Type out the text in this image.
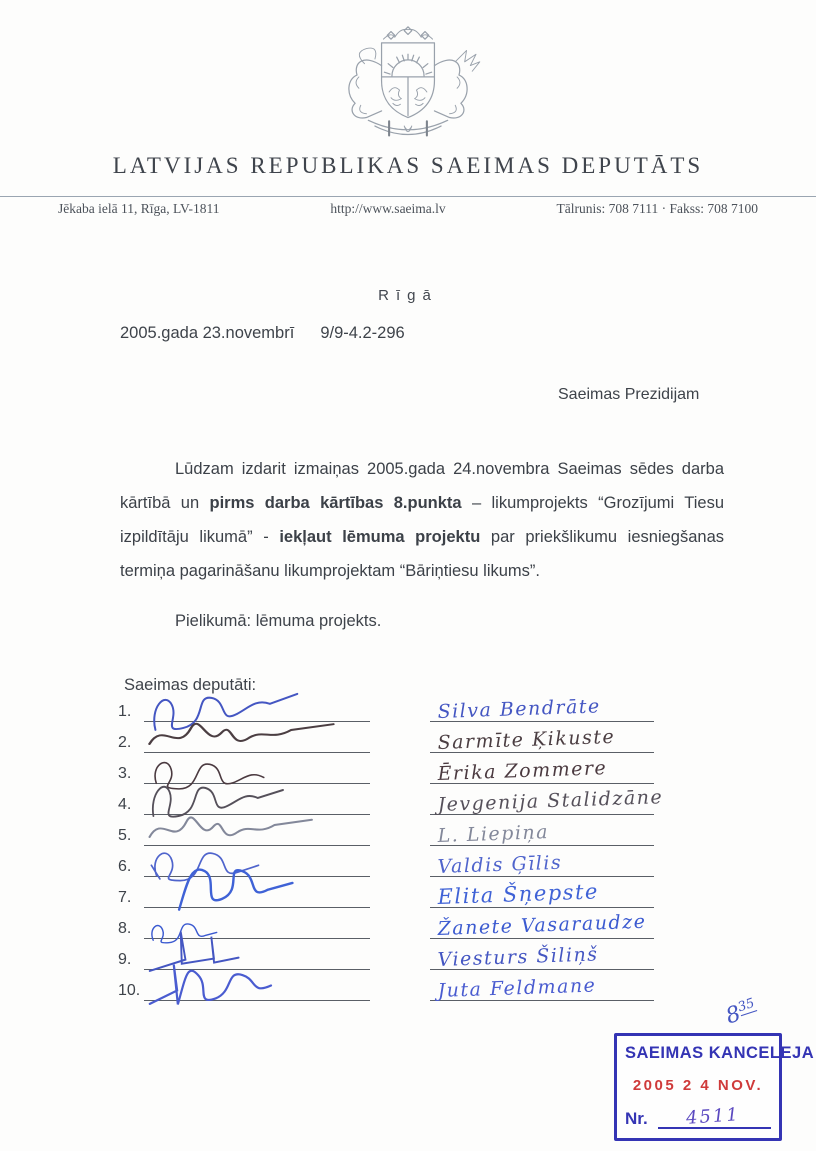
LATVIJAS REPUBLIKAS SAEIMAS DEPUTĀTS
Jēkaba ielā 11, Rīga, LV-1811	http://www.saeima.lv	Tālrunis: 708 7111 · Fakss: 708 7100
Rīgā
2005.gada 23.novembrī 9/9-4.2-296
Saeimas Prezidijam

Lūdzam izdarit izmaiņas 2005.gada 24.novembra Saeimas sēdes darba kārtībā un pirms darba kārtības 8.punkta – likumprojekts “Grozījumi Tiesu izpildītāju likumā” - iekļaut lēmuma projektu par priekšlikumu iesniegšanas termiņa pagarināšanu likumprojektam “Bāriņtiesu likums”.

Pielikumā: lēmuma projekts.
Saeimas deputāti:
1.	Silva Bendrāte
2.	Sarmīte Ķikuste
3.	Ērika Zommere
4.	Jevgenija Stalidzāne
5.	L. Liepiņa
6.	Valdis Ģīlis
7.	Elita Šņepste
8.	Žanete Vasaraudze
9.	Viesturs Šiliņš
10.	Juta Feldmane
$8^{35}$
SAEIMAS KANCELEJA
2005 2 4 NOV.
Nr. 4511
